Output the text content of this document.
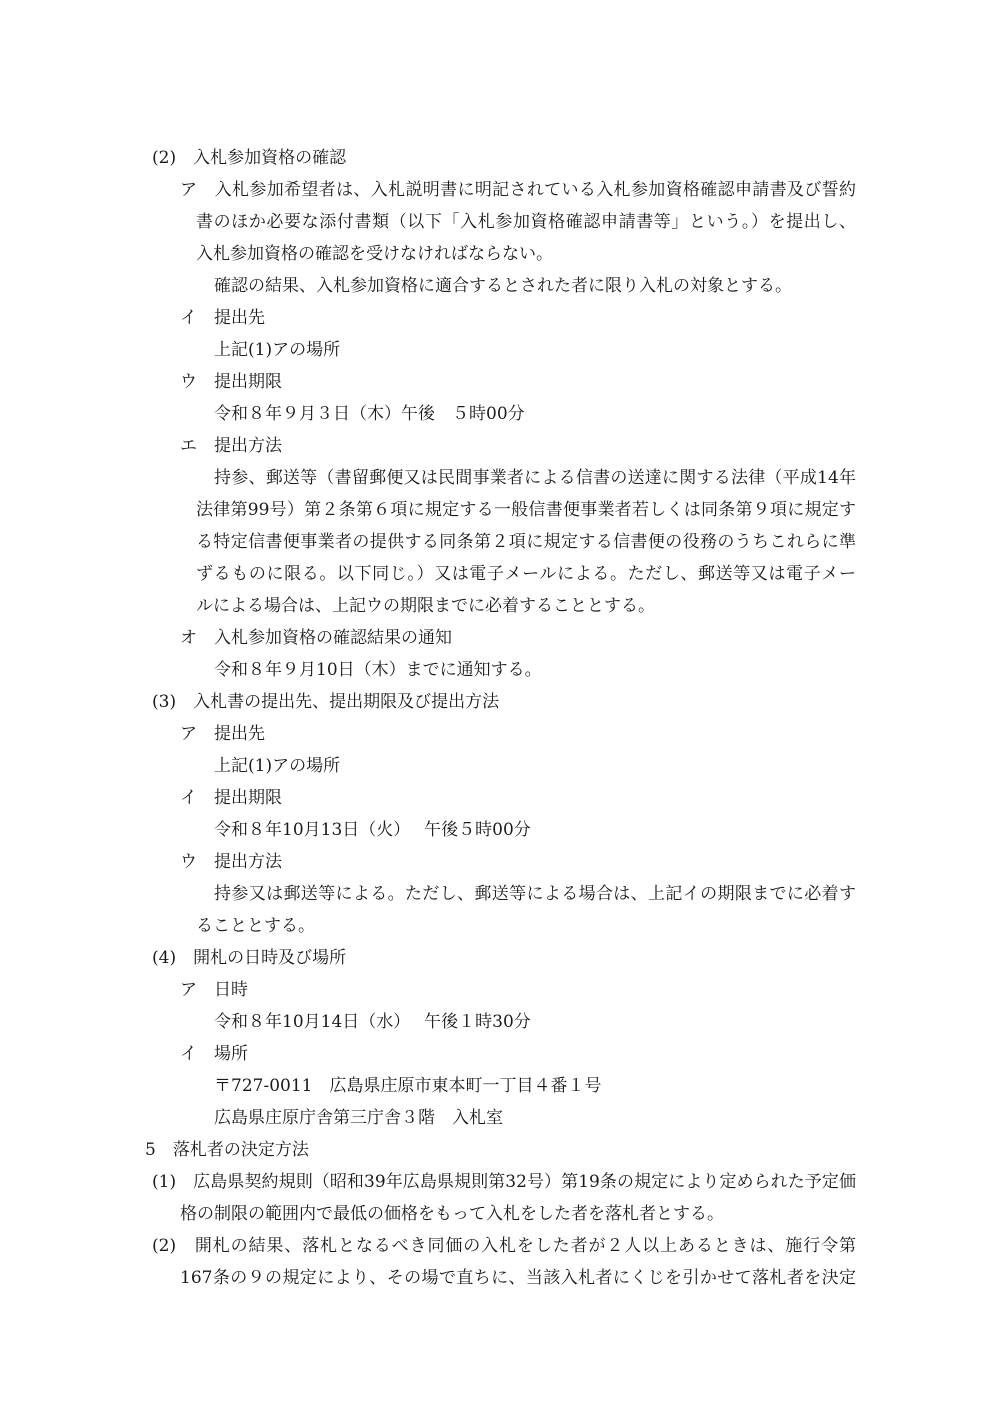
(2)　入札参加資格の確認
ア　入札参加希望者は、入札説明書に明記されている入札参加資格確認申請書及び誓約
書のほか必要な添付書類（以下「入札参加資格確認申請書等」という。）を提出し、
入札参加資格の確認を受けなければならない。
確認の結果、入札参加資格に適合するとされた者に限り入札の対象とする。
イ　提出先
上記(1)アの場所
ウ　提出期限
令和８年９月３日（木）午後　５時00分
エ　提出方法
持参、郵送等（書留郵便又は民間事業者による信書の送達に関する法律（平成14年
法律第99号）第２条第６項に規定する一般信書便事業者若しくは同条第９項に規定す
る特定信書便事業者の提供する同条第２項に規定する信書便の役務のうちこれらに準
ずるものに限る。以下同じ。）又は電子メールによる。ただし、郵送等又は電子メー
ルによる場合は、上記ウの期限までに必着することとする。
オ　入札参加資格の確認結果の通知
令和８年９月10日（木）までに通知する。
(3)　入札書の提出先、提出期限及び提出方法
ア　提出先
上記(1)アの場所
イ　提出期限
令和８年10月13日（火）　 午後５時00分
ウ　提出方法
持参又は郵送等による。ただし、郵送等による場合は、上記イの期限までに必着す
ることとする。
(4)　開札の日時及び場所
ア　日時
令和８年10月14日（水）　 午後１時30分
イ　場所
〒727-0011　広島県庄原市東本町一丁目４番１号
広島県庄原庁舎第三庁舎３階　入札室
5　落札者の決定方法
(1)　広島県契約規則（昭和39年広島県規則第32号）第19条の規定により定められた予定価
格の制限の範囲内で最低の価格をもって入札をした者を落札者とする。
(2)　開札の結果、落札となるべき同価の入札をした者が２人以上あるときは、施行令第
167条の９の規定により、その場で直ちに、当該入札者にくじを引かせて落札者を決定
